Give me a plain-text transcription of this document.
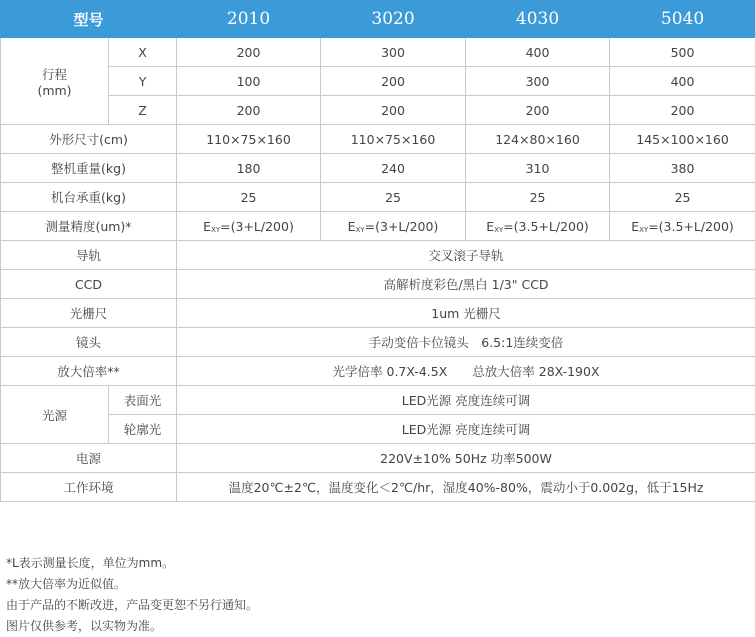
型号		2010	3020	4030	5040

行程
(mm)	X	200	300	400	500
	Y	100	200	300	400
	Z	200	200	200	200
外形尺寸(cm)		110×75×160	110×75×160	124×80×160	145×100×160
整机重量(kg)		180	240	310	380
机台承重(kg)		25	25	25	25
测量精度(um)*		EXY=(3+L/200)	EXY=(3+L/200)	EXY=(3.5+L/200)	EXY=(3.5+L/200)
导轨		交叉滚子导轨			
CCD		高解析度彩色/黑白 1/3" CCD			
光栅尺		1um 光栅尺			
镜头		手动变倍卡位镜头　6.5:1连续变倍			
放大倍率**		光学倍率 0.7X-4.5X　　总放大倍率 28X-190X			
光源	表面光	LED光源 亮度连续可调			
	轮廓光	LED光源 亮度连续可调			
电源		220V±10% 50Hz 功率500W			
工作环境		温度20℃±2℃，温度变化＜2℃/hr，湿度40%-80%，震动小于0.002g，低于15Hz			
*L表示测量长度，单位为mm。
**放大倍率为近似值。
由于产品的不断改进，产品变更恕不另行通知。
图片仅供参考，以实物为准。
